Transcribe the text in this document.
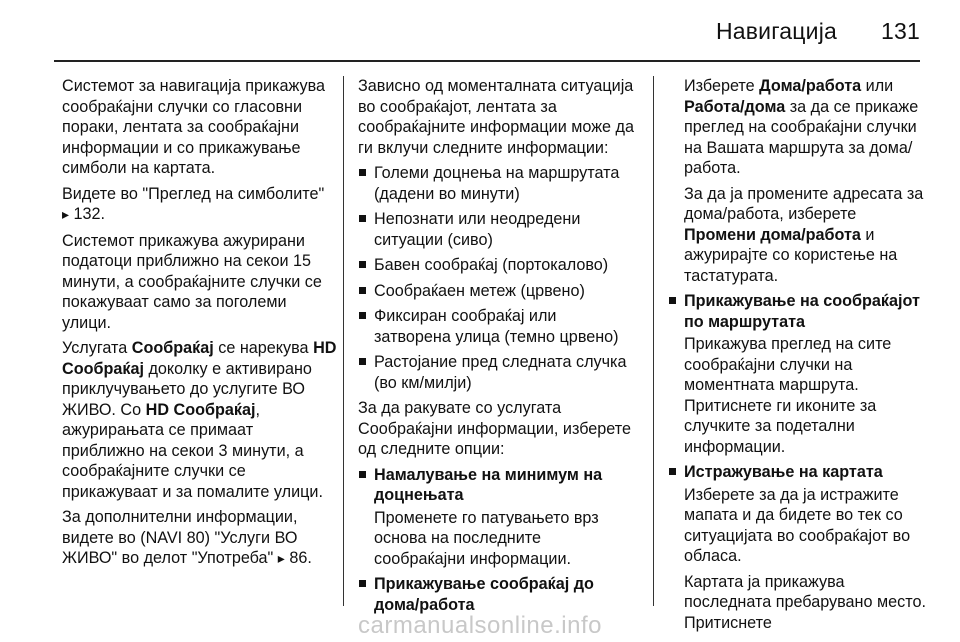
Навигација 131

Системот за навигација прикажува сообраќајни случки со гласовни пораки, лентата за сообраќајни информации и со прикажувањe симболи на картата.

Видете во "Преглед на симболите"
▸ 132.

Системот прикажува ажурирани податоци приближно на секои 15 минути, а сообраќајните случки се покажуваат само за поголеми улици.

Услугата Сообраќај се нарекува HD Сообраќај доколку е активирано приклучувањето до услугите ВО ЖИВО. Со HD Сообраќај, ажурирањата се примаат приближно на секои 3 минути, а сообраќајните случки се прикажуваат и за помалите улици.

За дополнителни информации, видете во (NAVI 80) "Услуги ВО ЖИВО" во делот "Употреба" ▸ 86.

Зависно од моменталната ситуација во сообраќајот, лентата за сообраќајните информации може да ги вклучи следните информации:

Големи доцнења на маршрутата (дадени во минути)
Непознати или неодредени ситуации (сиво)
Бавен сообраќај (портокалово)
Сообраќаен метеж (црвено)
Фиксиран сообраќај или затворена улица (темно црвено)
Растојание пред следната случка (во км/милји)

За да ракувате со услугата Сообраќајни информации, изберете од следните опции:

Намалување на минимум на доцнењата
Променете го патувањето врз основа на последните сообраќајни информации.
Прикажување сообраќај до дома/работа

Изберете Дома/работа или Работа/дома за да се прикаже преглед на сообраќајни случки на Вашата маршрута за дома/ работа.

За да ја промените адресата за дома/работа, изберете Промени дома/работа и ажурирајте со користење на тастатурата.

Прикажување на сообраќајот по маршрутата
Прикажува преглед на сите сообраќајни случки на моментната маршрута. Притиснете ги иконите за случките за подетални информации.
Истражување на картата
Изберете за да ја истражите мапата и да бидете во тек со ситуацијата во сообраќајот во обласа.
Картата ја прикажува последната пребарувано место. Притиснете
carmanualsonline.info
